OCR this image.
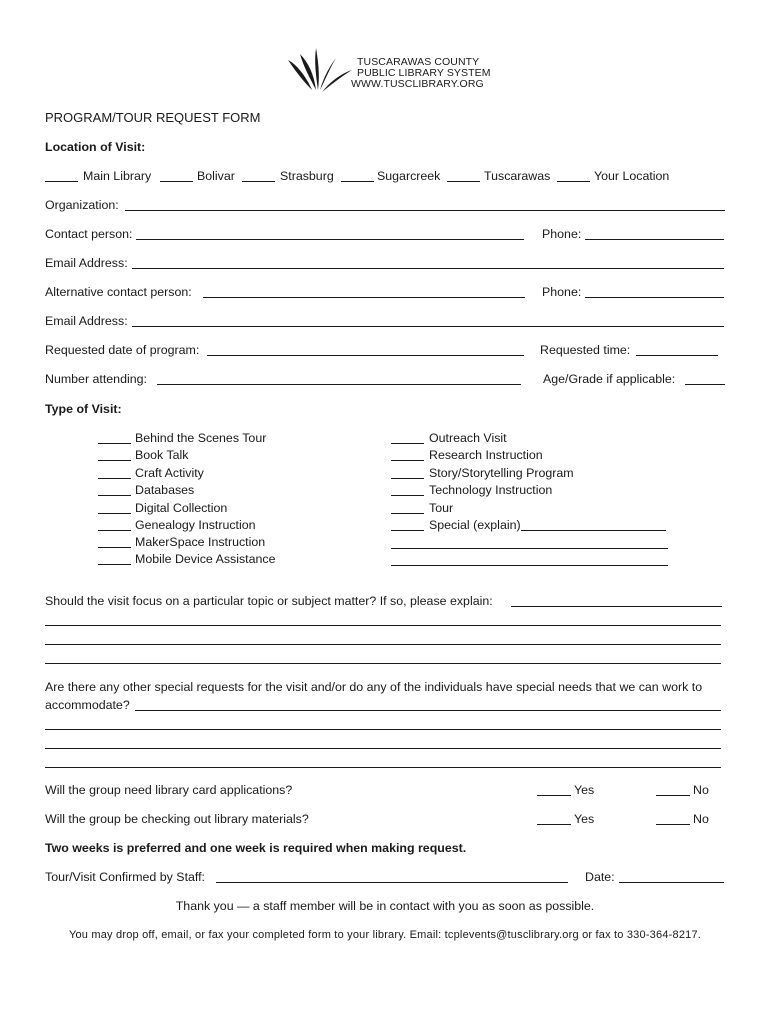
TUSCARAWAS COUNTY
PUBLIC LIBRARY SYSTEM
WWW.TUSCLIBRARY.ORG
PROGRAM/TOUR REQUEST FORM
Location of Visit:
Main Library	Bolivar	Strasburg	Sugarcreek	Tuscarawas	Your Location
Organization:
Contact person:	Phone:
Email Address:
Alternative contact person:	Phone:
Email Address:
Requested date of program:	Requested time:
Number attending:	Age/Grade if applicable:
Type of Visit:
Behind the Scenes Tour
Book Talk
Craft Activity
Databases
Digital Collection
Genealogy Instruction
MakerSpace Instruction
Mobile Device Assistance
Outreach Visit
Research Instruction
Story/Storytelling Program
Technology Instruction
Tour
Special (explain)
Should the visit focus on a particular topic or subject matter? If so, please explain:
Are there any other special requests for the visit and/or do any of the individuals have special needs that we can work to
accommodate?
Will the group need library card applications?	Yes	No
Will the group be checking out library materials?	Yes	No
Two weeks is preferred and one week is required when making request.
Tour/Visit Confirmed by Staff:	Date:
Thank you — a staff member will be in contact with you as soon as possible.
You may drop off, email, or fax your completed form to your library. Email: tcplevents@tusclibrary.org or fax to 330-364-8217.
